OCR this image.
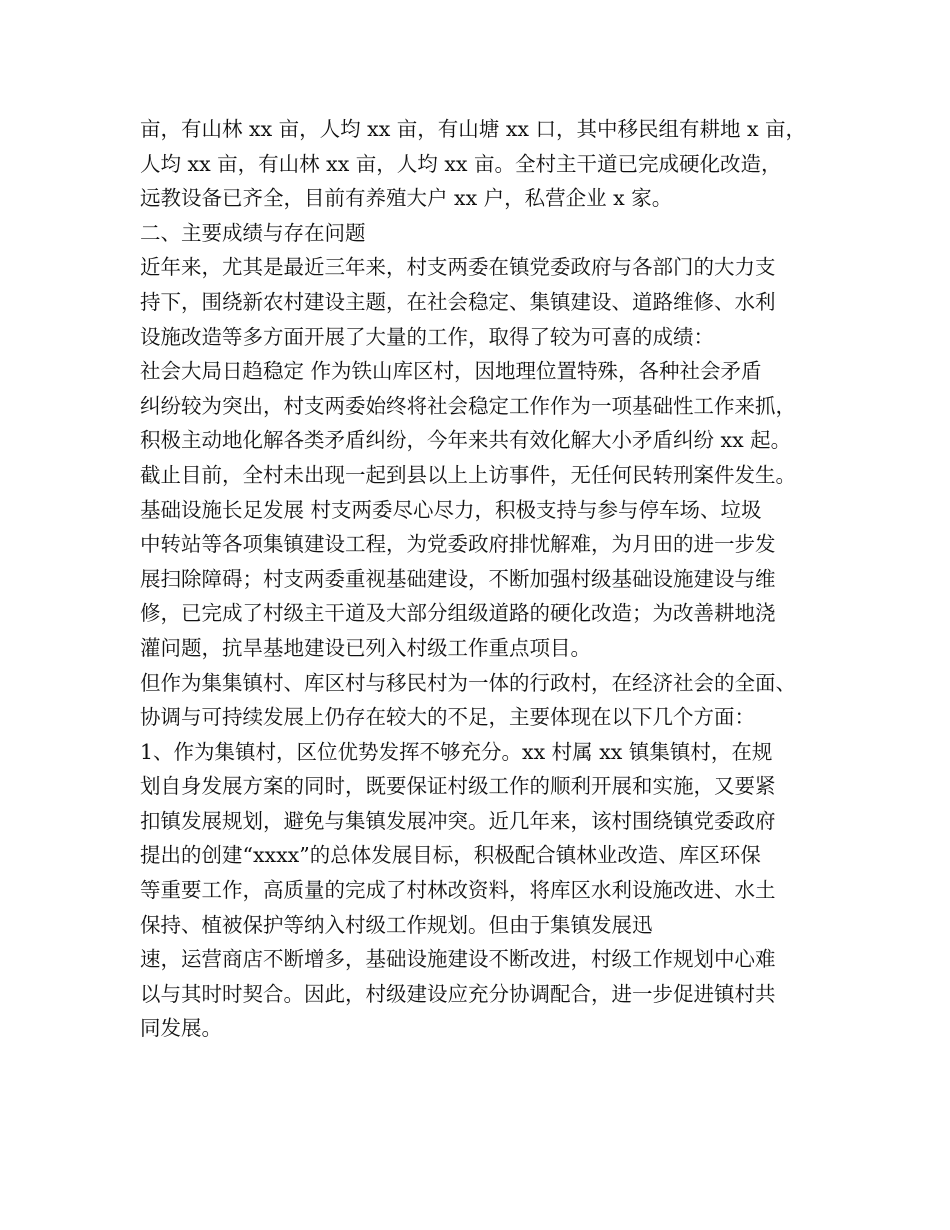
亩，有山林 xx 亩，人均 xx 亩，有山塘 xx 口，其中移民组有耕地 x 亩，
人均 xx 亩，有山林 xx 亩，人均 xx 亩。全村主干道已完成硬化改造，
远教设备已齐全，目前有养殖大户 xx 户，私营企业 x 家。
二、主要成绩与存在问题
近年来，尤其是最近三年来，村支两委在镇党委政府与各部门的大力支
持下，围绕新农村建设主题，在社会稳定、集镇建设、道路维修、水利
设施改造等多方面开展了大量的工作，取得了较为可喜的成绩：
社会大局日趋稳定 作为铁山库区村，因地理位置特殊，各种社会矛盾
纠纷较为突出，村支两委始终将社会稳定工作作为一项基础性工作来抓，
积极主动地化解各类矛盾纠纷，今年来共有效化解大小矛盾纠纷 xx 起。
截止目前，全村未出现一起到县以上上访事件，无任何民转刑案件发生。
基础设施长足发展 村支两委尽心尽力，积极支持与参与停车场、垃圾
中转站等各项集镇建设工程，为党委政府排忧解难，为月田的进一步发
展扫除障碍；村支两委重视基础建设，不断加强村级基础设施建设与维
修，已完成了村级主干道及大部分组级道路的硬化改造；为改善耕地浇
灌问题，抗旱基地建设已列入村级工作重点项目。
但作为集集镇村、库区村与移民村为一体的行政村，在经济社会的全面、
协调与可持续发展上仍存在较大的不足，主要体现在以下几个方面：
1、作为集镇村，区位优势发挥不够充分。xx 村属 xx 镇集镇村，在规
划自身发展方案的同时，既要保证村级工作的顺利开展和实施，又要紧
扣镇发展规划，避免与集镇发展冲突。近几年来，该村围绕镇党委政府
提出的创建“xxxx”的总体发展目标，积极配合镇林业改造、库区环保
等重要工作，高质量的完成了村林改资料，将库区水利设施改进、水土
保持、植被保护等纳入村级工作规划。但由于集镇发展迅
速，运营商店不断增多，基础设施建设不断改进，村级工作规划中心难
以与其时时契合。因此，村级建设应充分协调配合，进一步促进镇村共
同发展。
